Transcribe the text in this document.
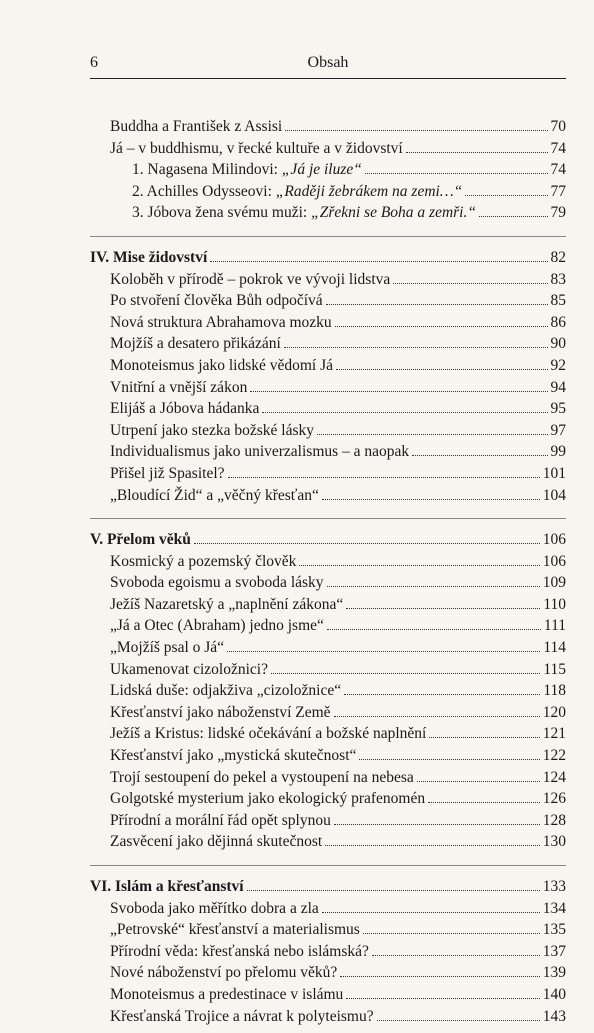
6	Obsah
Buddha a František z Assisi	70
Já – v buddhismu, v řecké kultuře a v židovství	74
1. Nagasena Milindovi: „Já je iluze“	74
2. Achilles Odysseovi: „Raději žebrákem na zemi…“	77
3. Jóbova žena svému muži: „Zřekni se Boha a zemři.“	79
IV. Mise židovství	82
Koloběh v přírodě – pokrok ve vývoji lidstva	83
Po stvoření člověka Bůh odpočívá	85
Nová struktura Abrahamova mozku	86
Mojžíš a desatero přikázání	90
Monoteismus jako lidské vědomí Já	92
Vnitřní a vnější zákon	94
Elijáš a Jóbova hádanka	95
Utrpení jako stezka božské lásky	97
Individualismus jako univerzalismus – a naopak	99
Přišel již Spasitel?	101
„Bloudící Žid“ a „věčný křesťan“	104
V. Přelom věků	106
Kosmický a pozemský člověk	106
Svoboda egoismu a svoboda lásky	109
Ježíš Nazaretský a „naplnění zákona“	110
„Já a Otec (Abraham) jedno jsme“	111
„Mojžíš psal o Já“	114
Ukamenovat cizoložnici?	115
Lidská duše: odjakživa „cizoložnice“	118
Křesťanství jako náboženství Země	120
Ježíš a Kristus: lidské očekávání a božské naplnění	121
Křesťanství jako „mystická skutečnost“	122
Trojí sestoupení do pekel a vystoupení na nebesa	124
Golgotské mysterium jako ekologický prafenomén	126
Přírodní a morální řád opět splynou	128
Zasvěcení jako dějinná skutečnost	130
VI. Islám a křesťanství	133
Svoboda jako měřítko dobra a zla	134
„Petrovské“ křesťanství a materialismus	135
Přírodní věda: křesťanská nebo islámská?	137
Nové náboženství po přelomu věků?	139
Monoteismus a predestinace v islámu	140
Křesťanská Trojice a návrat k polyteismu?	143
